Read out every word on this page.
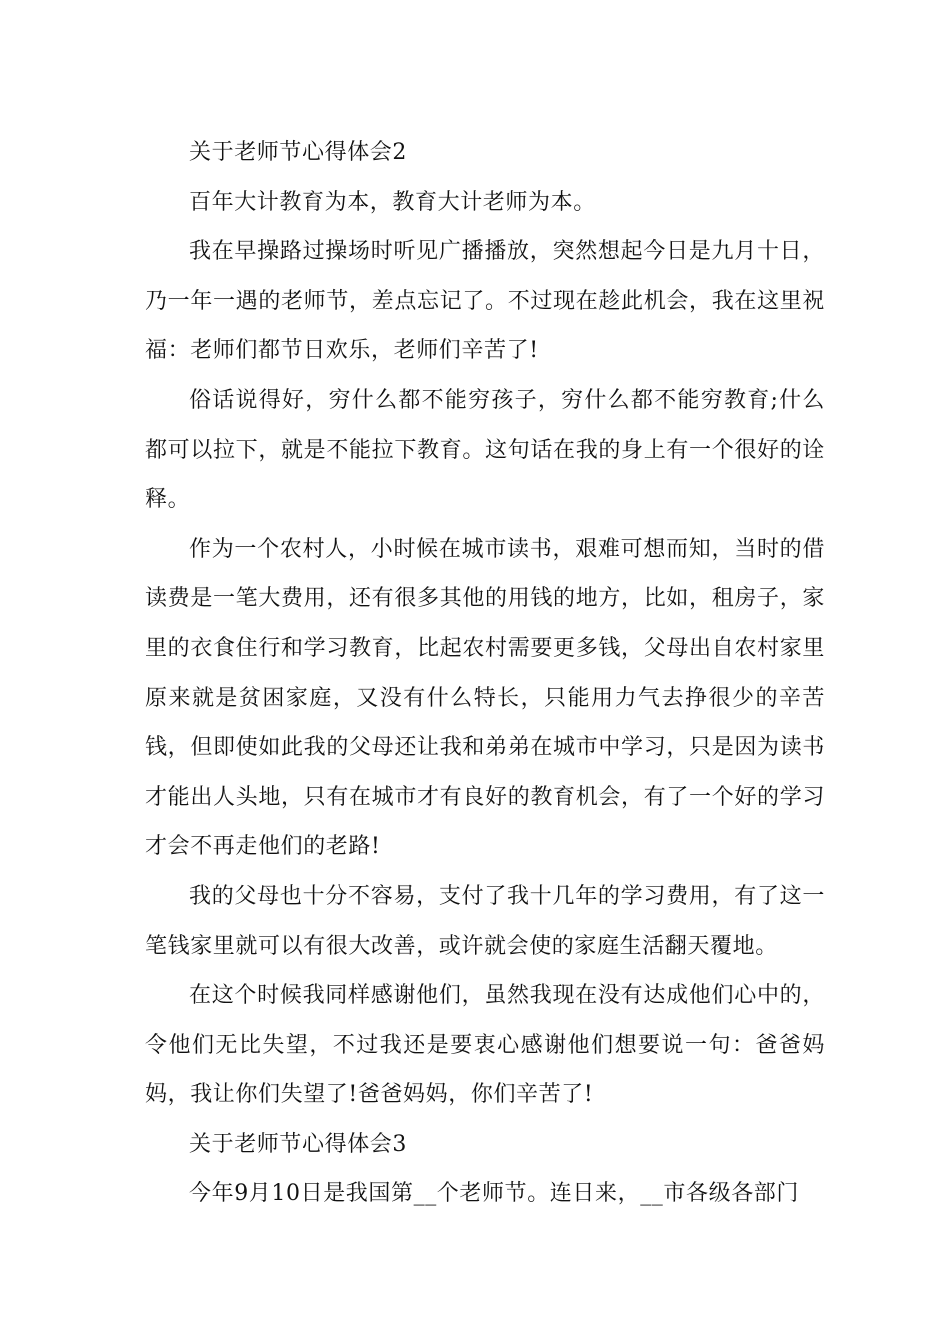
关于老师节心得体会2

百年大计教育为本，教育大计老师为本。

我在早操路过操场时听见广播播放，突然想起今日是九月十日，乃一年一遇的老师节，差点忘记了。不过现在趁此机会，我在这里祝福：老师们都节日欢乐，老师们辛苦了!

俗话说得好，穷什么都不能穷孩子，穷什么都不能穷教育;什么都可以拉下，就是不能拉下教育。这句话在我的身上有一个很好的诠释。

作为一个农村人，小时候在城市读书，艰难可想而知，当时的借读费是一笔大费用，还有很多其他的用钱的地方，比如，租房子，家里的衣食住行和学习教育，比起农村需要更多钱，父母出自农村家里原来就是贫困家庭，又没有什么特长，只能用力气去挣很少的辛苦钱，但即使如此我的父母还让我和弟弟在城市中学习，只是因为读书才能出人头地，只有在城市才有良好的教育机会，有了一个好的学习才会不再走他们的老路!

我的父母也十分不容易，支付了我十几年的学习费用，有了这一笔钱家里就可以有很大改善，或许就会使的家庭生活翻天覆地。

在这个时候我同样感谢他们，虽然我现在没有达成他们心中的，令他们无比失望，不过我还是要衷心感谢他们想要说一句：爸爸妈妈，我让你们失望了!爸爸妈妈，你们辛苦了!

关于老师节心得体会3

今年9月10日是我国第__个老师节。连日来，__市各级各部门
